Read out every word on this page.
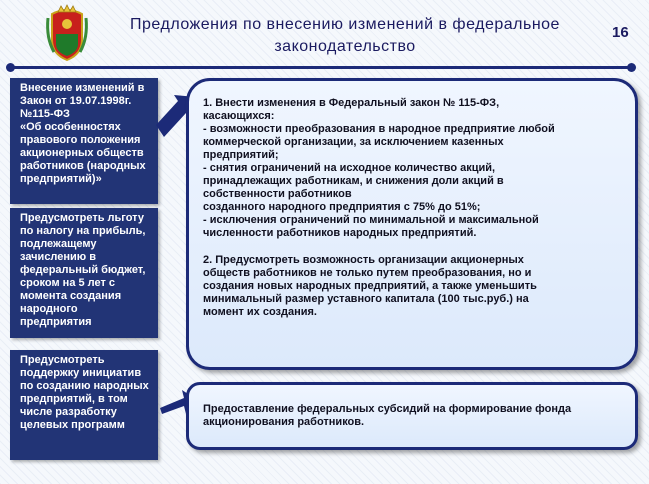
Предложения по внесению изменений в федеральное законодательство
16
Внесение изменений в Закон от 19.07.1998г. №115-ФЗ
«Об особенностях правового положения акционерных обществ работников (народных предприятий)»
Предусмотреть льготу по налогу на прибыль, подлежащему зачислению в федеральный бюджет, сроком на 5 лет с момента создания народного предприятия
Предусмотреть поддержку инициатив по созданию народных предприятий, в том числе разработку целевых программ
1. Внести изменения в Федеральный закон № 115-ФЗ,
касающихся:
- возможности преобразования в народное предприятие любой
коммерческой организации, за исключением казенных
предприятий;
- снятия ограничений на исходное количество акций,
принадлежащих работникам, и снижения доли акций в
собственности работников
созданного народного предприятия с 75% до 51%;
- исключения ограничений по минимальной и максимальной
численности работников народных предприятий.
2. Предусмотреть возможность организации акционерных
обществ работников не только путем преобразования, но и
создания новых народных предприятий, а также уменьшить
минимальный размер уставного капитала (100 тыс.руб.) на
момент их создания.
Предоставление федеральных субсидий на формирование фонда акционирования работников.
